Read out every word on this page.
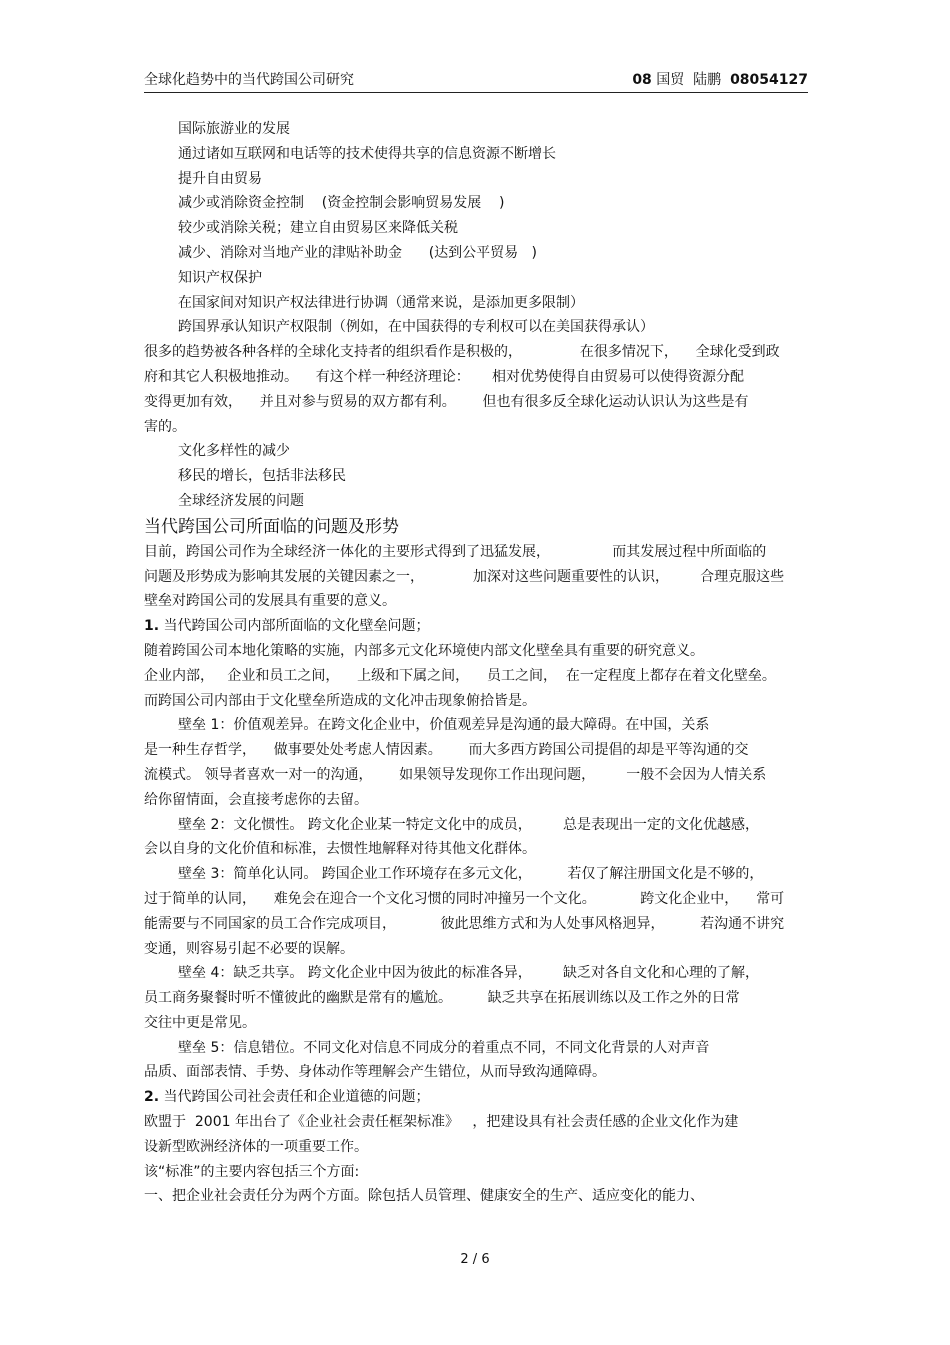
全球化趋势中的当代跨国公司研究	08 国贸 陆鹏 08054127
国际旅游业的发展
通过诸如互联网和电话等的技术使得共享的信息资源不断增长
提升自由贸易
减少或消除资金控制    (资金控制会影响贸易发展    )
较少或消除关税；建立自由贸易区来降低关税
减少、消除对当地产业的津贴补助金      (达到公平贸易   )
知识产权保护
在国家间对知识产权法律进行协调（通常来说，是添加更多限制）
跨国界承认知识产权限制（例如，在中国获得的专利权可以在美国获得承认）
很多的趋势被各种各样的全球化支持者的组织看作是积极的，             在很多情况下，    全球化受到政
府和其它人积极地推动。    有这个样一种经济理论：     相对优势使得自由贸易可以使得资源分配
变得更加有效，    并且对参与贸易的双方都有利。      但也有很多反全球化运动认识认为这些是有
害的。
文化多样性的减少
移民的增长，包括非法移民
全球经济发展的问题
当代跨国公司所面临的问题及形势
目前，跨国公司作为全球经济一体化的主要形式得到了迅猛发展，              而其发展过程中所面临的
问题及形势成为影响其发展的关键因素之一，           加深对这些问题重要性的认识，       合理克服这些
壁垒对跨国公司的发展具有重要的意义。
1. 当代跨国公司内部所面临的文化壁垒问题；
随着跨国公司本地化策略的实施，内部多元文化环境使内部文化壁垒具有重要的研究意义。
企业内部，   企业和员工之间，    上级和下属之间，    员工之间，  在一定程度上都存在着文化壁垒。
而跨国公司内部由于文化壁垒所造成的文化冲击现象俯拾皆是。
壁垒 1：价值观差异。在跨文化企业中，价值观差异是沟通的最大障碍。在中国，关系
是一种生存哲学，    做事要处处考虑人情因素。      而大多西方跨国公司提倡的却是平等沟通的交
流模式。 领导者喜欢一对一的沟通，      如果领导发现你工作出现问题，       一般不会因为人情关系
给你留情面，会直接考虑你的去留。
壁垒 2：文化惯性。 跨文化企业某一特定文化中的成员，       总是表现出一定的文化优越感，
会以自身的文化价值和标准，去惯性地解释对待其他文化群体。
壁垒 3：简单化认同。 跨国企业工作环境存在多元文化，        若仅了解注册国文化是不够的，
过于简单的认同，    难免会在迎合一个文化习惯的同时冲撞另一个文化。          跨文化企业中，    常可
能需要与不同国家的员工合作完成项目，          彼此思维方式和为人处事风格迥异，        若沟通不讲究
变通，则容易引起不必要的误解。
壁垒 4：缺乏共享。 跨文化企业中因为彼此的标准各异，       缺乏对各自文化和心理的了解，
员工商务聚餐时听不懂彼此的幽默是常有的尴尬。        缺乏共享在拓展训练以及工作之外的日常
交往中更是常见。
壁垒 5：信息错位。不同文化对信息不同成分的着重点不同，不同文化背景的人对声音
品质、面部表情、手势、身体动作等理解会产生错位，从而导致沟通障碍。
2. 当代跨国公司社会责任和企业道德的问题；
欧盟于  2001 年出台了《企业社会责任框架标准》   ，把建设具有社会责任感的企业文化作为建
设新型欧洲经济体的一项重要工作。
该“标准”的主要内容包括三个方面:
一、把企业社会责任分为两个方面。除包括人员管理、健康安全的生产、适应变化的能力、
2 / 6
